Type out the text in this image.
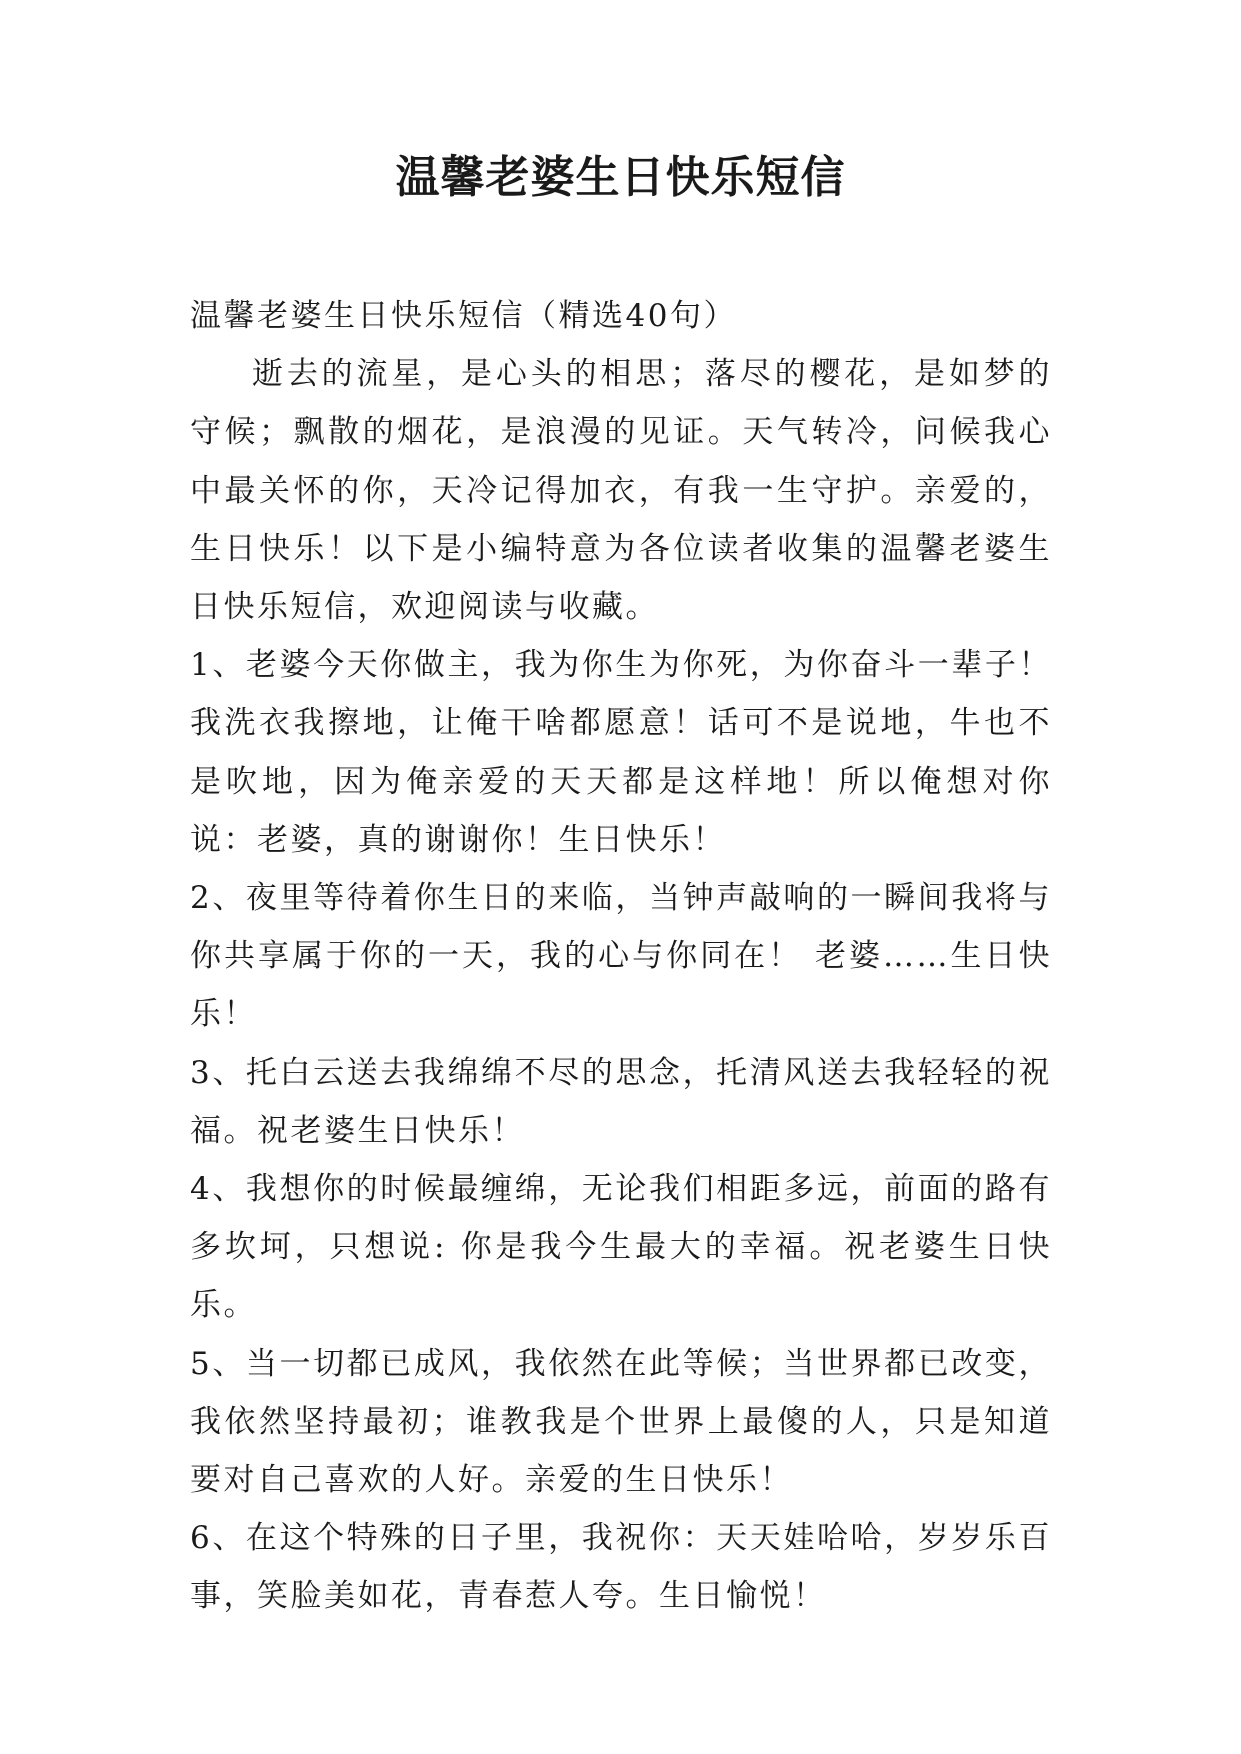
温馨老婆生日快乐短信

温馨老婆生日快乐短信（精选40句）

逝去的流星，是心头的相思；落尽的樱花，是如梦的守候；飘散的烟花，是浪漫的见证。天气转冷，问候我心中最关怀的你，天冷记得加衣，有我一生守护。亲爱的，生日快乐！以下是小编特意为各位读者收集的温馨老婆生日快乐短信，欢迎阅读与收藏。

1、老婆今天你做主，我为你生为你死，为你奋斗一辈子！我洗衣我擦地，让俺干啥都愿意！话可不是说地，牛也不是吹地，因为俺亲爱的天天都是这样地！所以俺想对你说：老婆，真的谢谢你！生日快乐！

2、夜里等待着你生日的来临，当钟声敲响的一瞬间我将与你共享属于你的一天，我的心与你同在！ 老婆……生日快乐！

3、托白云送去我绵绵不尽的思念，托清风送去我轻轻的祝福。祝老婆生日快乐！

4、我想你的时候最缠绵，无论我们相距多远，前面的路有多坎坷，只想说: 你是我今生最大的幸福。祝老婆生日快乐。

5、当一切都已成风，我依然在此等候；当世界都已改变，我依然坚持最初；谁教我是个世界上最傻的人，只是知道要对自己喜欢的人好。亲爱的生日快乐！

6、在这个特殊的日子里，我祝你：天天娃哈哈，岁岁乐百事，笑脸美如花，青春惹人夸。生日愉悦！
